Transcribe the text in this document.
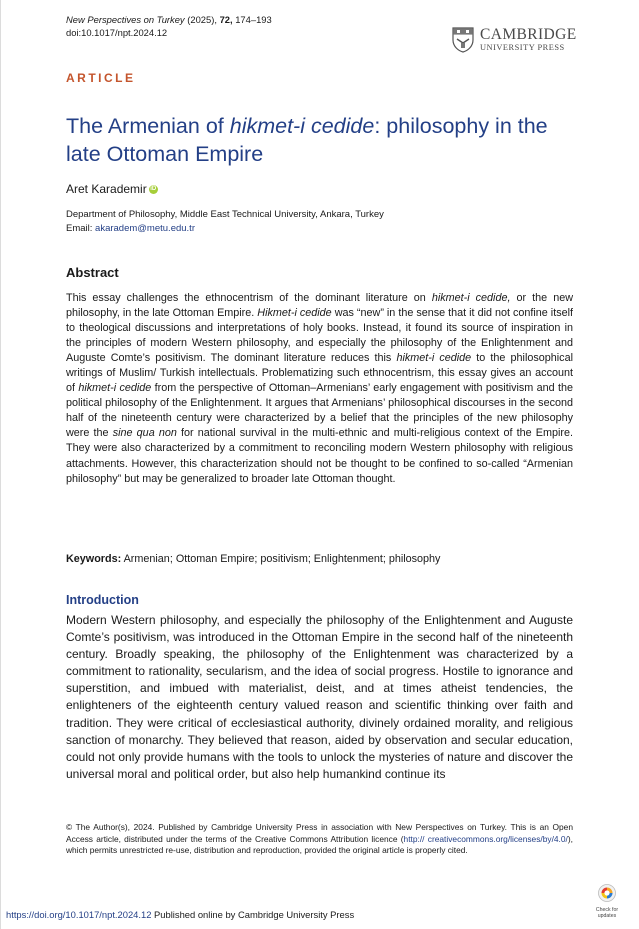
New Perspectives on Turkey (2025), 72, 174–193
doi:10.1017/npt.2024.12	CAMBRIDGE
UNIVERSITY PRESS
ARTICLE
The Armenian of hikmet-i cedide: philosophy in the late Ottoman Empire
Aret Karademir iD
Department of Philosophy, Middle East Technical University, Ankara, Turkey
Email: akaradem@metu.edu.tr
Abstract
This essay challenges the ethnocentrism of the dominant literature on hikmet-i cedide, or the new philosophy, in the late Ottoman Empire. Hikmet-i cedide was “new” in the sense that it did not confine itself to theological discussions and interpretations of holy books. Instead, it found its source of inspiration in the principles of modern Western philosophy, and especially the philosophy of the Enlightenment and Auguste Comte’s positivism. The dominant literature reduces this hikmet-i cedide to the philosophical writings of Muslim/ Turkish intellectuals. Problematizing such ethnocentrism, this essay gives an account of hikmet-i cedide from the perspective of Ottoman–Armenians’ early engagement with positivism and the political philosophy of the Enlightenment. It argues that Armenians’ philosophical discourses in the second half of the nineteenth century were characterized by a belief that the principles of the new philosophy were the sine qua non for national survival in the multi-ethnic and multi-religious context of the Empire. They were also characterized by a commitment to reconciling modern Western philosophy with religious attachments. However, this characterization should not be thought to be confined to so-called “Armenian philosophy” but may be generalized to broader late Ottoman thought.
Keywords: Armenian; Ottoman Empire; positivism; Enlightenment; philosophy
Introduction
Modern Western philosophy, and especially the philosophy of the Enlightenment and Auguste Comte’s positivism, was introduced in the Ottoman Empire in the second half of the nineteenth century. Broadly speaking, the philosophy of the Enlightenment was characterized by a commitment to rationality, secularism, and the idea of social progress. Hostile to ignorance and superstition, and imbued with materialist, deist, and at times atheist tendencies, the enlighteners of the eighteenth century valued reason and scientific thinking over faith and tradition. They were critical of ecclesiastical authority, divinely ordained morality, and religious sanction of monarchy. They believed that reason, aided by observation and secular education, could not only provide humans with the tools to unlock the mysteries of nature and discover the universal moral and political order, but also help humankind continue its
© The Author(s), 2024. Published by Cambridge University Press in association with New Perspectives on Turkey. This is an Open Access article, distributed under the terms of the Creative Commons Attribution licence (http:// creativecommons.org/licenses/by/4.0/), which permits unrestricted re-use, distribution and reproduction, provided the original article is properly cited.
Check for
updates
https://doi.org/10.1017/npt.2024.12 Published online by Cambridge University Press
